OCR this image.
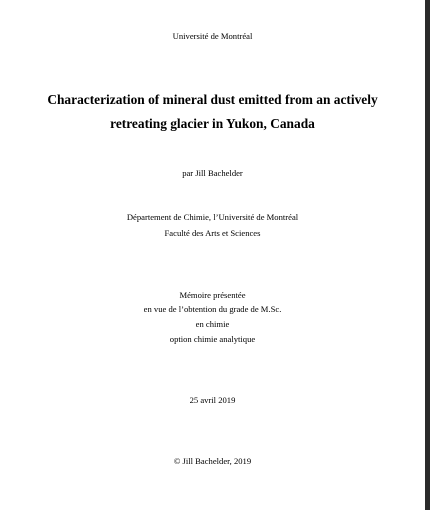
Université de Montréal
Characterization of mineral dust emitted from an actively
retreating glacier in Yukon, Canada
par Jill Bachelder
Département de Chimie, l’Université de Montréal
Faculté des Arts et Sciences
Mémoire présentée
en vue de l’obtention du grade de M.Sc.
en chimie
option chimie analytique
25 avril 2019
© Jill Bachelder, 2019
